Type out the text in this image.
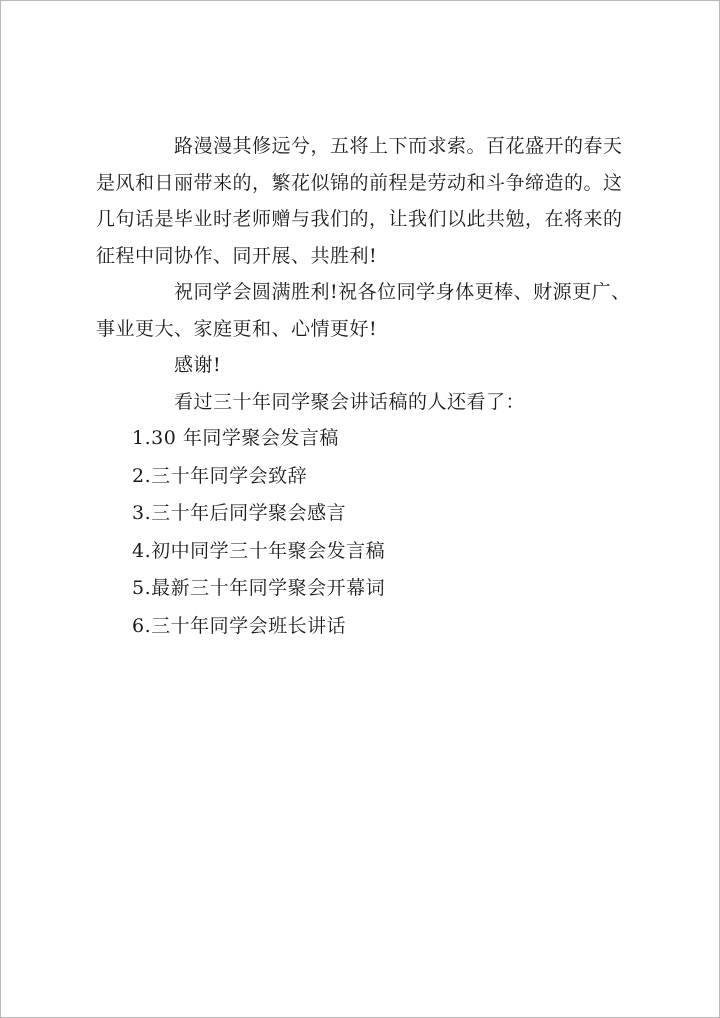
路漫漫其修远兮，五将上下而求索。百花盛开的春天是风和日丽带来的，繁花似锦的前程是劳动和斗争缔造的。这几句话是毕业时老师赠与我们的，让我们以此共勉，在将来的征程中同协作、同开展、共胜利!

祝同学会圆满胜利!祝各位同学身体更棒、财源更广、事业更大、家庭更和、心情更好!

感谢!

看过三十年同学聚会讲话稿的人还看了：

1.30 年同学聚会发言稿
2.三十年同学会致辞
3.三十年后同学聚会感言
4.初中同学三十年聚会发言稿
5.最新三十年同学聚会开幕词
6.三十年同学会班长讲话
